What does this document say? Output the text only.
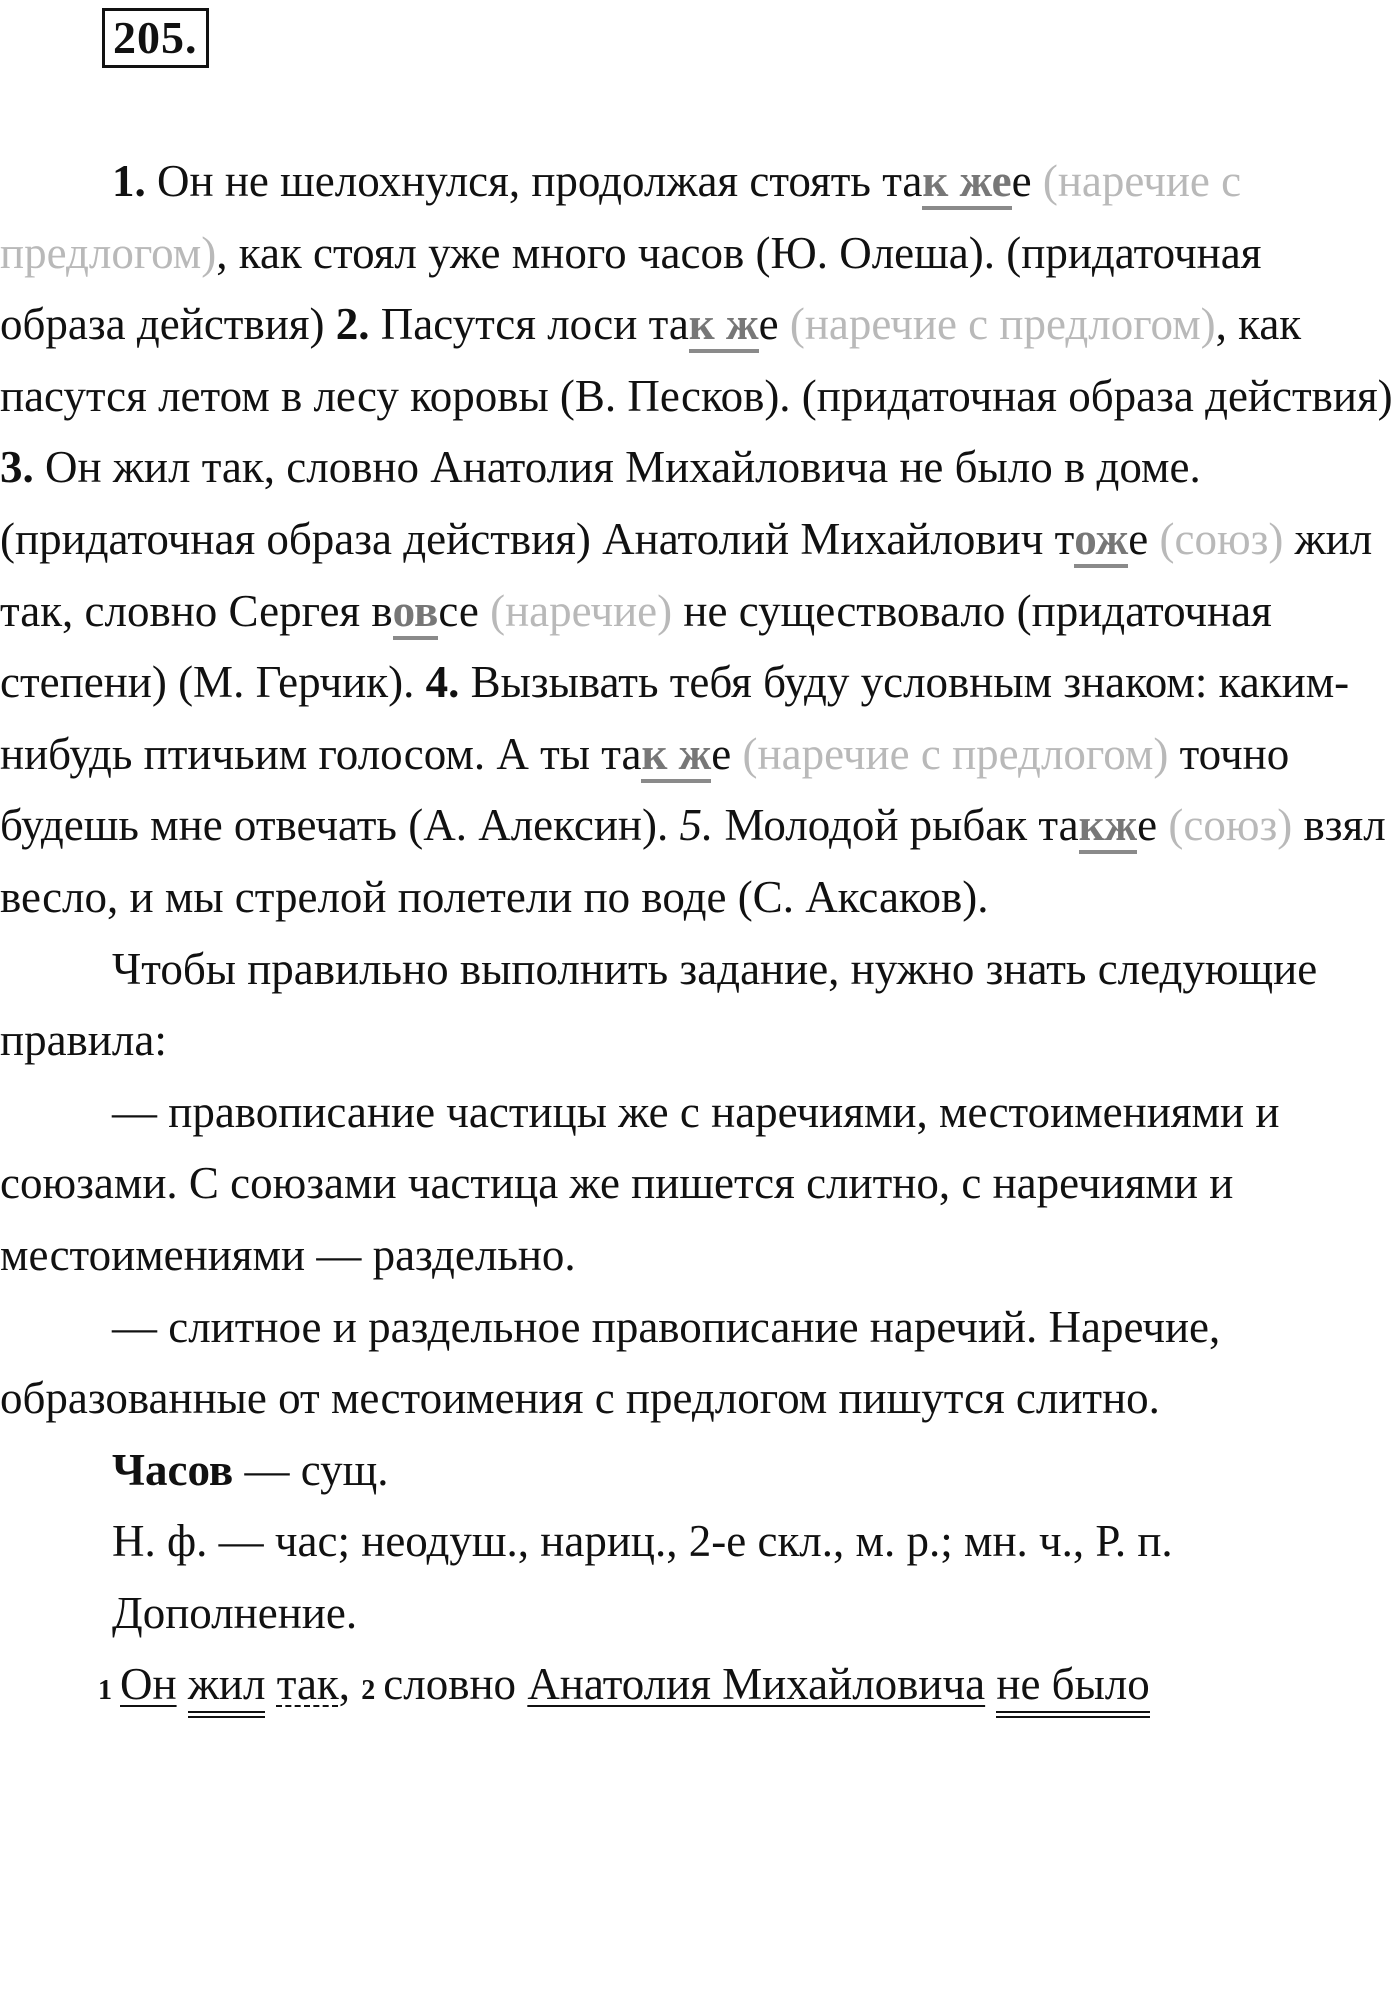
205.

1. Он не шелохнулся, продолжая стоять так жее (наречие с предлогом), как стоял уже много часов (Ю. Олеша). (придаточная образа действия) 2. Пасутся лоси так же (наречие с предлогом), как пасутся летом в лесу коровы (В. Песков). (придаточная образа действия) 3. Он жил так, словно Анатолия Михайловича не было в доме. (придаточная образа действия) Анатолий Михайлович тоже (союз) жил так, словно Сергея вовсе (наречие) не существовало (придаточная степени) (М. Герчик). 4. Вызывать тебя буду условным знаком: каким-нибудь птичьим голосом. А ты так же (наречие с предлогом) точно будешь мне отвечать (А. Алексин). 5. Молодой рыбак также (союз) взял весло, и мы стрелой полетели по воде (С. Аксаков).

Чтобы правильно выполнить задание, нужно знать следующие правила:

— правописание частицы же с наречиями, местоимениями и союзами. С союзами частица же пишется слитно, с наречиями и местоимениями — раздельно.

— слитное и раздельное правописание наречий. Наречие, образованные от местоимения с предлогом пишутся слитно.

Часов — сущ.

Н. ф. — час; неодуш., нариц., 2-е скл., м. р.; мн. ч., Р. п.

Дополнение.

1 Он жил так, 2 словно Анатолия Михайловича не было
